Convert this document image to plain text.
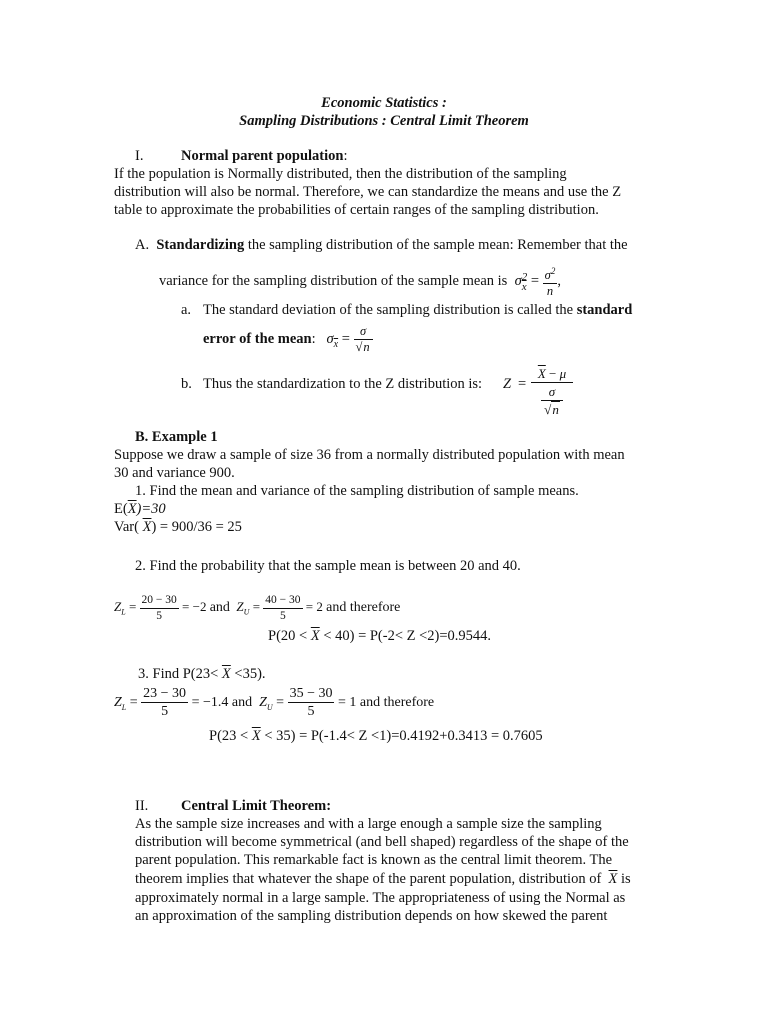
Economic Statistics :
Sampling Distributions : Central Limit Theorem
I.	Normal parent population:
If the population is Normally distributed, then the distribution of the sampling
distribution will also be normal. Therefore, we can standardize the means and use the Z
table to approximate the probabilities of certain ranges of the sampling distribution.
A. Standardizing the sampling distribution of the sample mean: Remember that the
variance for the sampling distribution of the sample mean is σ $\frac{2}{x} = \frac{\sigma^2}{n}$ ,
a. The standard deviation of the sampling distribution is called the standard
error of the mean: $\sigma_{\overline{x}} = \frac{\sigma}{√n}$
b. Thus the standardization to the Z distribution is: Z =
$\overline{X} - \mu$
σ
√n
B. Example 1
Suppose we draw a sample of size 36 from a normally distributed population with mean
30 and variance 900.
1. Find the mean and variance of the sampling distribution of sample means.
$E(\overline{X})=30$
Var( $\overline{X}) = 900/36 = 25$
2. Find the probability that the sample mean is between 20 and 40.
$Z_L = \frac{20 - 30}{5} = -2$ and $Z_U = \frac{40 - 30}{5} = 2$ and therefore
$P(20 < \overline{X} < 40) = P(-2< Z <2)=0.9544$.
3. Find $P(23< \overline{X} <35)$.
$Z_L = \frac{23 - 30}{5} = -1.4$ and $Z_U = \frac{35 - 30}{5} = 1$ and therefore
$P(23 < \overline{X} < 35) = P(-1.4< Z <1)=0.4192+0.3413 = 0.7605$
II. Central Limit Theorem:
As the sample size increases and with a large enough a sample size the sampling
distribution will become symmetrical (and bell shaped) regardless of the shape of the
parent population. This remarkable fact is known as the central limit theorem. The
theorem implies that whatever the shape of the parent population, distribution of $\overline{X}$ is
approximately normal in a large sample. The appropriateness of using the Normal as
an approximation of the sampling distribution depends on how skewed the parent
